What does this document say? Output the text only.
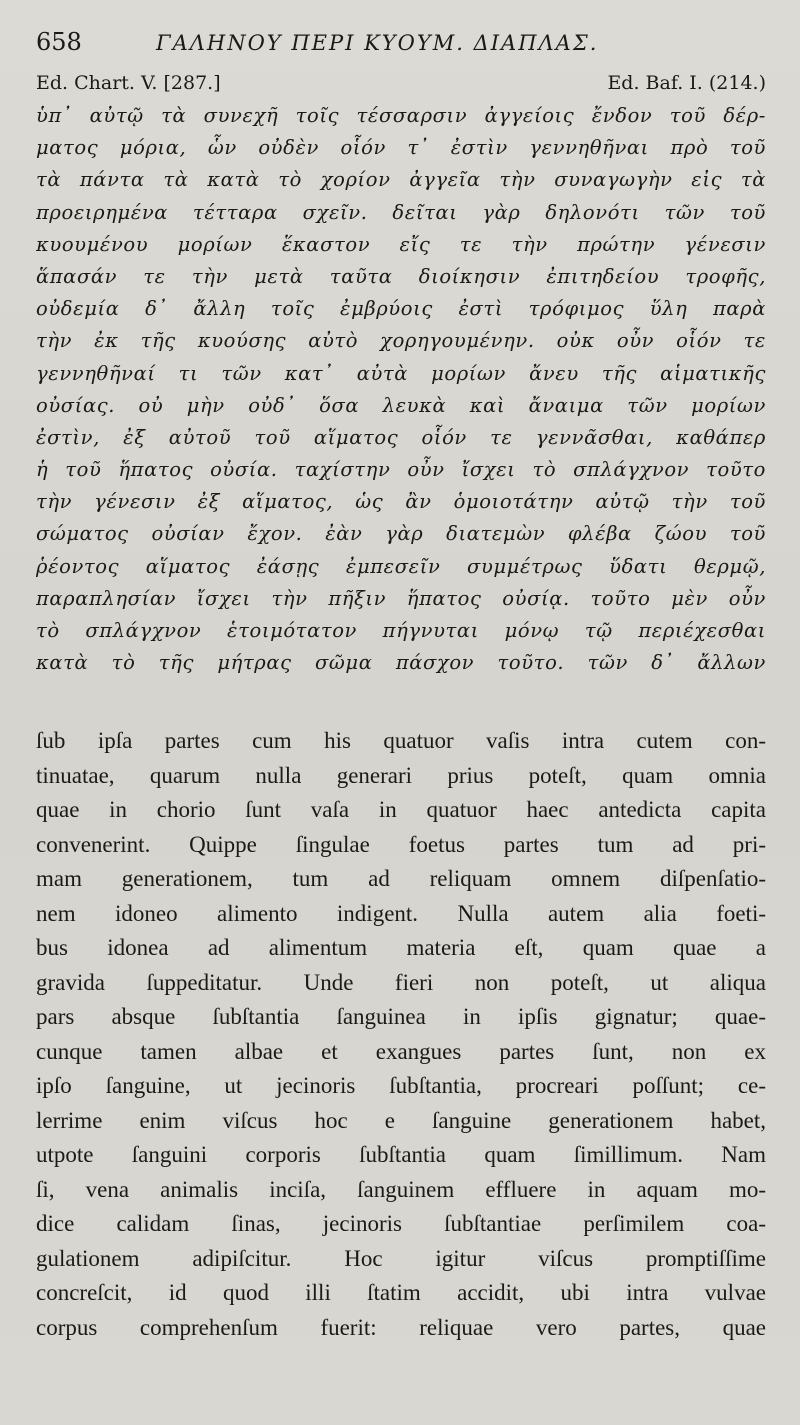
658	ΓΑΛΗΝΟΥ ΠΕΡΙ ΚΥΟΥΜ. ΔΙΑΠΛΑΣ.
Ed. Chart. V. [287.]	Ed. Baf. I. (214.)
ὑπ᾽ αὐτῷ τὰ συνεχῆ τοῖς τέσσαρσιν ἀγγείοις ἔνδον τοῦ δέρ-
ματος μόρια, ὧν οὐδὲν οἷόν τ᾽ ἐστὶν γεννηθῆναι πρὸ τοῦ
τὰ πάντα τὰ κατὰ τὸ χορίον ἀγγεῖα τὴν συναγωγὴν εἰς τὰ
προειρημένα τέτταρα σχεῖν. δεῖται γὰρ δηλονότι τῶν τοῦ
κυουμένου μορίων ἕκαστον εἴς τε τὴν πρώτην γένεσιν
ἅπασάν τε τὴν μετὰ ταῦτα διοίκησιν ἐπιτηδείου τροφῆς,
οὐδεμία δ᾽ ἄλλη τοῖς ἐμβρύοις ἐστὶ τρόφιμος ὕλη παρὰ
τὴν ἐκ τῆς κυούσης αὐτὸ χορηγουμένην. οὐκ οὖν οἷόν τε
γεννηθῆναί τι τῶν κατ᾽ αὐτὰ μορίων ἄνευ τῆς αἱματικῆς
οὐσίας. οὐ μὴν οὐδ᾽ ὅσα λευκὰ καὶ ἄναιμα τῶν μορίων
ἐστὶν, ἐξ αὐτοῦ τοῦ αἵματος οἷόν τε γεννᾶσθαι, καθάπερ
ἡ τοῦ ἥπατος οὐσία. ταχίστην οὖν ἴσχει τὸ σπλάγχνον τοῦτο
τὴν γένεσιν ἐξ αἵματος, ὡς ἂν ὁμοιοτάτην αὐτῷ τὴν τοῦ
σώματος οὐσίαν ἔχον. ἐὰν γὰρ διατεμὼν φλέβα ζώου τοῦ
ῥέοντος αἵματος ἐάσῃς ἐμπεσεῖν συμμέτρως ὕδατι θερμῷ,
παραπλησίαν ἴσχει τὴν πῆξιν ἥπατος οὐσίᾳ. τοῦτο μὲν οὖν
τὸ σπλάγχνον ἑτοιμότατον πήγνυται μόνῳ τῷ περιέχεσθαι
κατὰ τὸ τῆς μήτρας σῶμα πάσχον τοῦτο. τῶν δ᾽ ἄλλων
ſub ipſa partes cum his quatuor vaſis intra cutem con-
tinuatae, quarum nulla generari prius poteſt, quam omnia
quae in chorio ſunt vaſa in quatuor haec antedicta capita
convenerint. Quippe ſingulae foetus partes tum ad pri-
mam generationem, tum ad reliquam omnem diſpenſatio-
nem idoneo alimento indigent. Nulla autem alia foeti-
bus idonea ad alimentum materia eſt, quam quae a
gravida ſuppeditatur. Unde fieri non poteſt, ut aliqua
pars absque ſubſtantia ſanguinea in ipſis gignatur; quae-
cunque tamen albae et exangues partes ſunt, non ex
ipſo ſanguine, ut jecinoris ſubſtantia, procreari poſſunt; ce-
lerrime enim viſcus hoc e ſanguine generationem habet,
utpote ſanguini corporis ſubſtantia quam ſimillimum. Nam
ſi, vena animalis inciſa, ſanguinem effluere in aquam mo-
dice calidam ſinas, jecinoris ſubſtantiae perſimilem coa-
gulationem adipiſcitur. Hoc igitur viſcus promptiſſime
concreſcit, id quod illi ſtatim accidit, ubi intra vulvae
corpus comprehenſum fuerit: reliquae vero partes, quae
